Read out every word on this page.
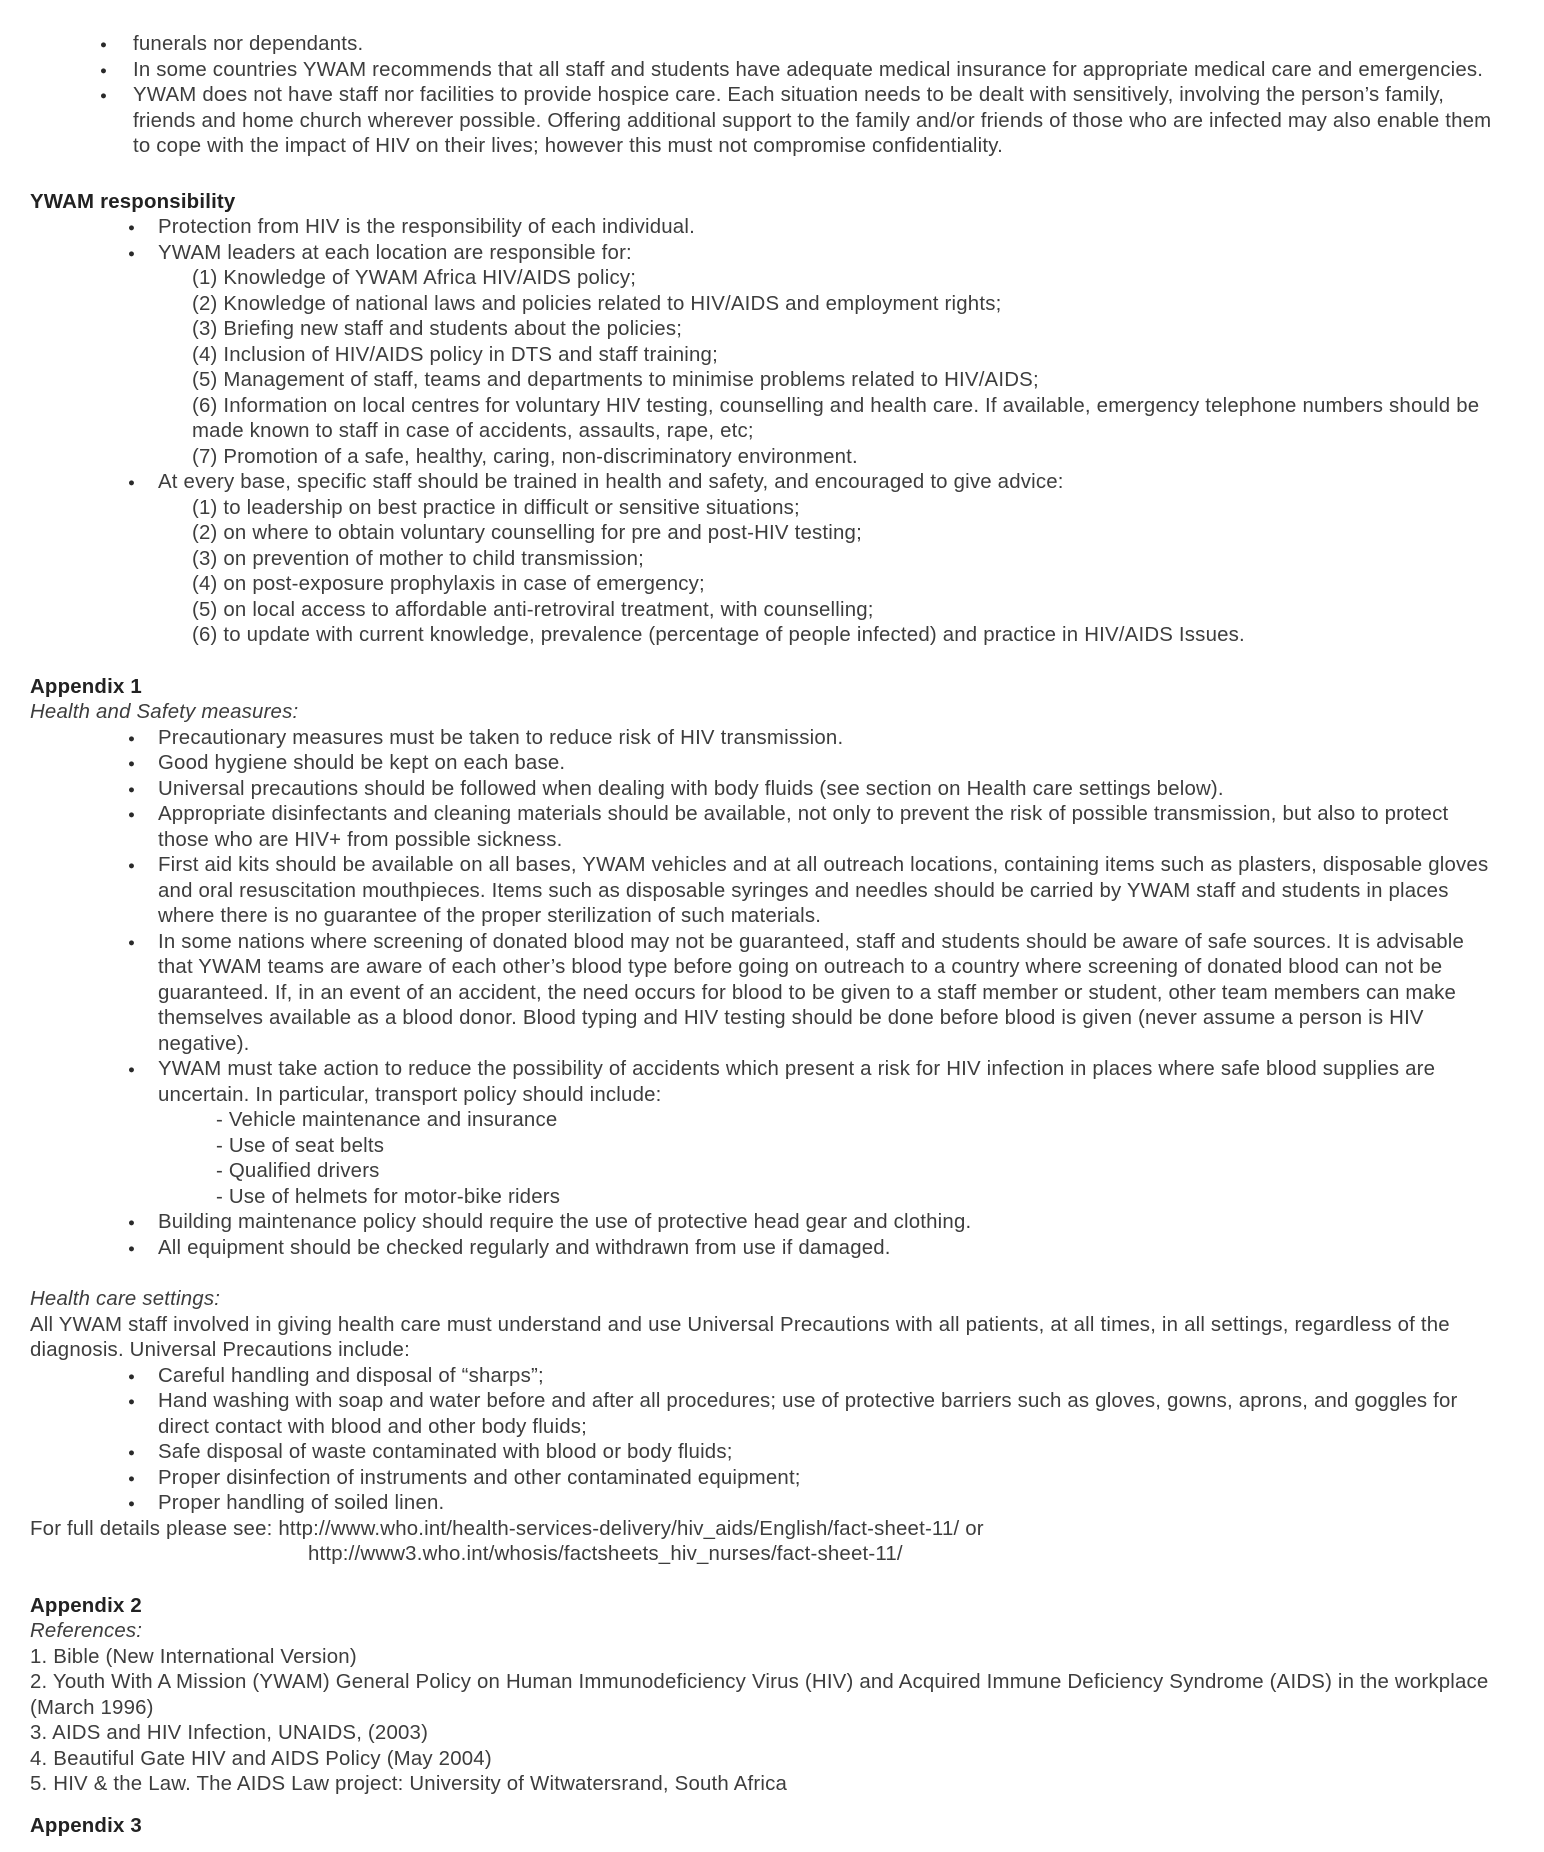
●
funerals nor dependants.
●
In some countries YWAM recommends that all staff and students have adequate medical insurance for appropriate medical care and emergencies.
●
YWAM does not have staff nor facilities to provide hospice care. Each situation needs to be dealt with sensitively, involving the person’s family, friends and home church wherever possible. Offering additional support to the family and/or friends of those who are infected may also enable them to cope with the impact of HIV on their lives; however this must not compromise confidentiality.
YWAM responsibility
●
Protection from HIV is the responsibility of each individual.
●
YWAM leaders at each location are responsible for:
(1) Knowledge of YWAM Africa HIV/AIDS policy;
(2) Knowledge of national laws and policies related to HIV/AIDS and employment rights;
(3) Briefing new staff and students about the policies;
(4) Inclusion of HIV/AIDS policy in DTS and staff training;
(5) Management of staff, teams and departments to minimise problems related to HIV/AIDS;
(6) Information on local centres for voluntary HIV testing, counselling and health care. If available, emergency telephone numbers should be made known to staff in case of accidents, assaults, rape, etc;
(7) Promotion of a safe, healthy, caring, non-discriminatory environment.
●
At every base, specific staff should be trained in health and safety, and encouraged to give advice:
(1) to leadership on best practice in difficult or sensitive situations;
(2) on where to obtain voluntary counselling for pre and post-HIV testing;
(3) on prevention of mother to child transmission;
(4) on post-exposure prophylaxis in case of emergency;
(5) on local access to affordable anti-retroviral treatment, with counselling;
(6) to update with current knowledge, prevalence (percentage of people infected) and practice in HIV/AIDS Issues.
Appendix 1
Health and Safety measures:
●
Precautionary measures must be taken to reduce risk of HIV transmission.
●
Good hygiene should be kept on each base.
●
Universal precautions should be followed when dealing with body fluids (see section on Health care settings below).
●
Appropriate disinfectants and cleaning materials should be available, not only to prevent the risk of possible transmission, but also to protect those who are HIV+ from possible sickness.
●
First aid kits should be available on all bases, YWAM vehicles and at all outreach locations, containing items such as plasters, disposable gloves and oral resuscitation mouthpieces. Items such as disposable syringes and needles should be carried by YWAM staff and students in places where there is no guarantee of the proper sterilization of such materials.
●
In some nations where screening of donated blood may not be guaranteed, staff and students should be aware of safe sources. It is advisable that YWAM teams are aware of each other’s blood type before going on outreach to a country where screening of donated blood can not be guaranteed. If, in an event of an accident, the need occurs for blood to be given to a staff member or student, other team members can make themselves available as a blood donor. Blood typing and HIV testing should be done before blood is given (never assume a person is HIV negative).
●
YWAM must take action to reduce the possibility of accidents which present a risk for HIV infection in places where safe blood supplies are uncertain. In particular, transport policy should include:
- Vehicle maintenance and insurance
- Use of seat belts
- Qualified drivers
- Use of helmets for motor-bike riders
●
Building maintenance policy should require the use of protective head gear and clothing.
●
All equipment should be checked regularly and withdrawn from use if damaged.
Health care settings:
All YWAM staff involved in giving health care must understand and use Universal Precautions with all patients, at all times, in all settings, regardless of the diagnosis. Universal Precautions include:
●
Careful handling and disposal of “sharps”;
●
Hand washing with soap and water before and after all procedures; use of protective barriers such as gloves, gowns, aprons, and goggles for direct contact with blood and other body fluids;
●
Safe disposal of waste contaminated with blood or body fluids;
●
Proper disinfection of instruments and other contaminated equipment;
●
Proper handling of soiled linen.
For full details please see: http://www.who.int/health-services-delivery/hiv_aids/English/fact-sheet-11/ or
http://www3.who.int/whosis/factsheets_hiv_nurses/fact-sheet-11/
Appendix 2
References:
1. Bible (New International Version)
2. Youth With A Mission (YWAM) General Policy on Human Immunodeficiency Virus (HIV) and Acquired Immune Deficiency Syndrome (AIDS) in the workplace (March 1996)
3. AIDS and HIV Infection, UNAIDS, (2003)
4. Beautiful Gate HIV and AIDS Policy (May 2004)
5. HIV & the Law. The AIDS Law project: University of Witwatersrand, South Africa
Appendix 3
